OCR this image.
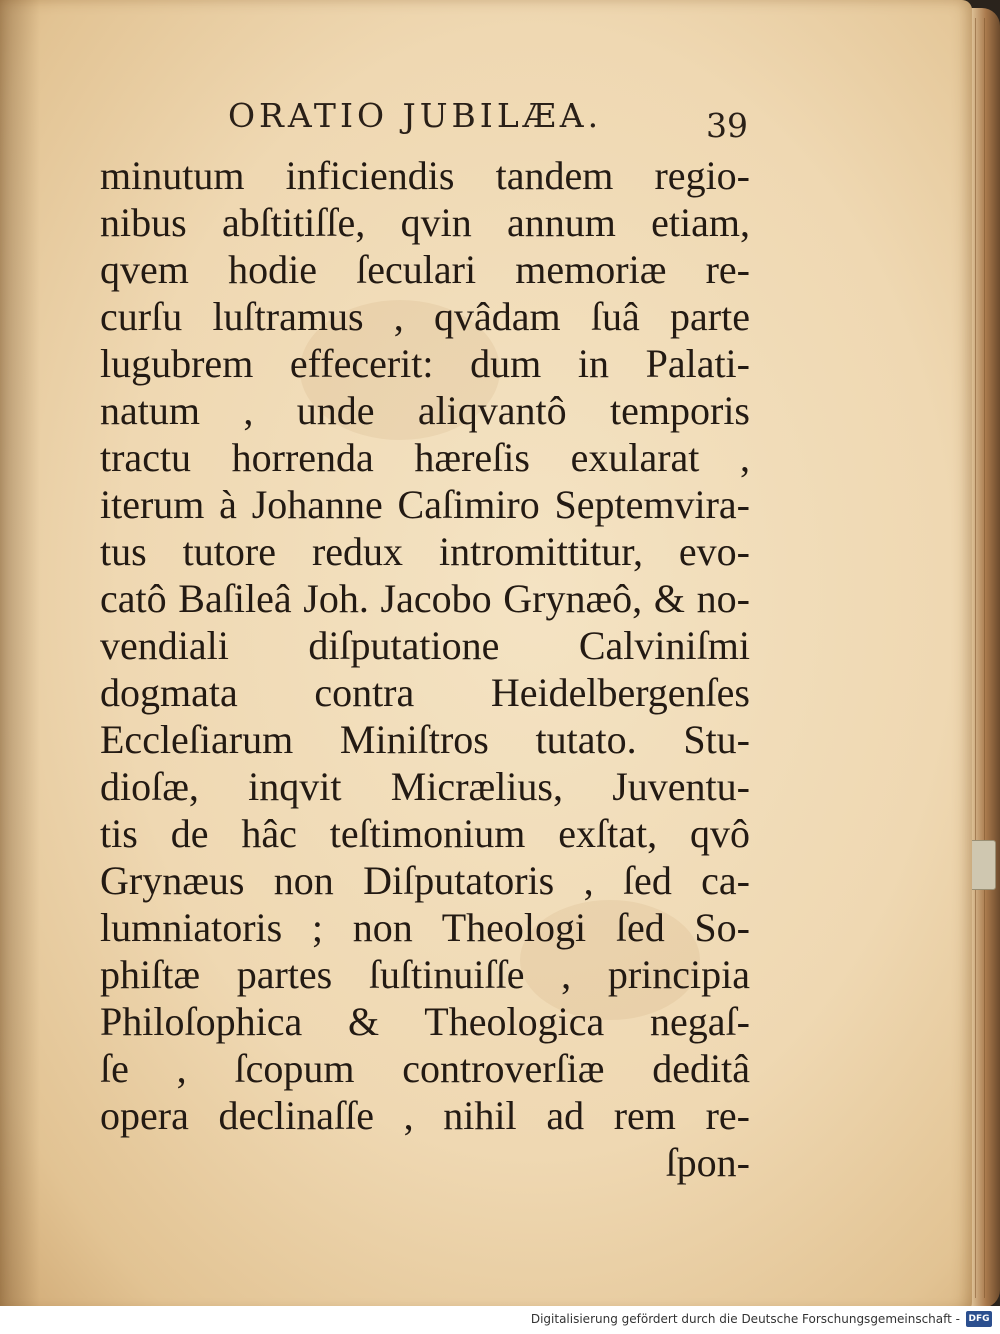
ORATIO JUBILÆA.	39
minutum inficiendis tandem regio-
nibus abſtitiſſe, qvin annum etiam,
qvem hodie ſeculari memoriæ re-
curſu luſtramus , qvâdam ſuâ parte
lugubrem effecerit: dum in Palati-
natum , unde aliqvantô temporis
tractu horrenda hæreſis exularat ,
iterum à Johanne Caſimiro Septemvira-
tus tutore redux intromittitur, evo-
catô Baſileâ Joh. Jacobo Grynæô, & no-
vendiali diſputatione Calviniſmi
dogmata contra Heidelbergenſes
Eccleſiarum Miniſtros tutato. Stu-
dioſæ, inqvit Micrælius, Juventu-
tis de hâc teſtimonium exſtat, qvô
Grynæus non Diſputatoris , ſed ca-
lumniatoris ; non Theologi ſed So-
phiſtæ partes ſuſtinuiſſe , principia
Philoſophica & Theologica negaſ-
ſe , ſcopum controverſiæ deditâ
opera declinaſſe , nihil ad rem re-
ſpon-
Digitalisierung gefördert durch die Deutsche Forschungsgemeinschaft - DFG
